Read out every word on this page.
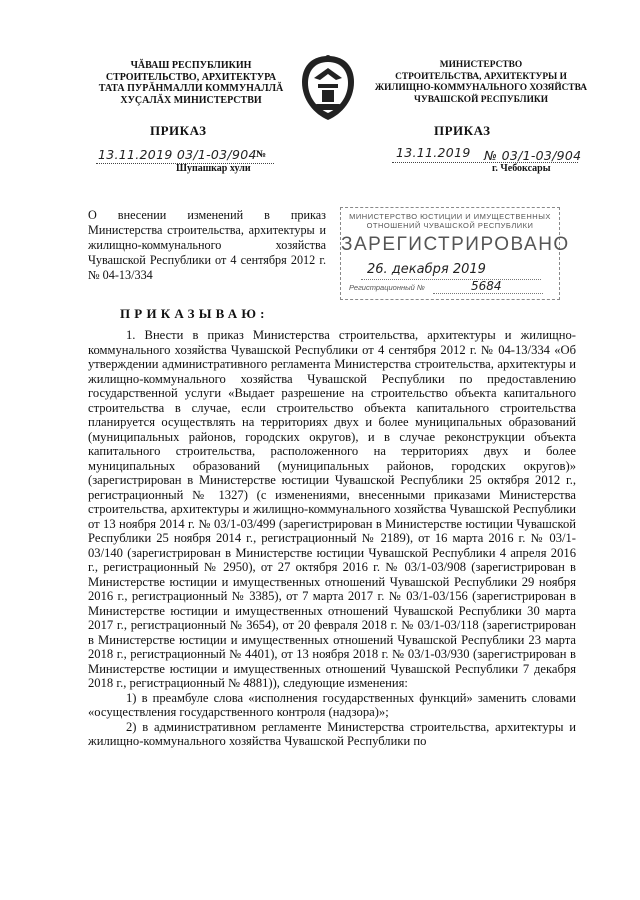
ЧĂВАШ РЕСПУБЛИКИН
СТРОИТЕЛЬСТВО, АРХИТЕКТУРА
ТАТА ПУРĂНМАЛЛИ КОММУНАЛЛĂ
ХУÇАЛĂХ МИНИСТЕРСТВИ
МИНИСТЕРСТВО
СТРОИТЕЛЬСТВА, АРХИТЕКТУРЫ И
ЖИЛИЩНО-КОММУНАЛЬНОГО ХОЗЯЙСТВА
ЧУВАШСКОЙ РЕСПУБЛИКИ
ПРИКАЗ	ПРИКАЗ
13.11.2019 03/1-03/904 №
Шупашкар хули
13.11.2019 № 03/1-03/904
г. Чебоксары
О внесении изменений в приказ Министерства строительства, архитектуры и жилищно-коммунального хозяйства Чувашской Республики от 4 сентября 2012 г. № 04-13/334
МИНИСТЕРСТВО ЮСТИЦИИ И ИМУЩЕСТВЕННЫХ ОТНОШЕНИЙ ЧУВАШСКОЙ РЕСПУБЛИКИ
ЗАРЕГИСТРИРОВАНО
26. декабря 2019
Регистрационный №	5684
ПРИКАЗЫВАЮ:

1. Внести в приказ Министерства строительства, архитектуры и жилищно-коммунального хозяйства Чувашской Республики от 4 сентября 2012 г. № 04-13/334 «Об утверждении административного регламента Министерства строительства, архитектуры и жилищно-коммунального хозяйства Чувашской Республики по предоставлению государственной услуги «Выдает разрешение на строительство объекта капитального строительства в случае, если строительство объекта капитального строительства планируется осуществлять на территориях двух и более муниципальных образований (муниципальных районов, городских округов), и в случае реконструкции объекта капитального строительства, расположенного на территориях двух и более муниципальных образований (муниципальных районов, городских округов)» (зарегистрирован в Министерстве юстиции Чувашской Республики 25 октября 2012 г., регистрационный № 1327) (с изменениями, внесенными приказами Министерства строительства, архитектуры и жилищно-коммунального хозяйства Чувашской Республики от 13 ноября 2014 г. № 03/1-03/499 (зарегистрирован в Министерстве юстиции Чувашской Республики 25 ноября 2014 г., регистрационный № 2189), от 16 марта 2016 г. № 03/1-03/140 (зарегистрирован в Министерстве юстиции Чувашской Республики 4 апреля 2016 г., регистрационный № 2950), от 27 октября 2016 г. № 03/1-03/908 (зарегистрирован в Министерстве юстиции и имущественных отношений Чувашской Республики 29 ноября 2016 г., регистрационный № 3385), от 7 марта 2017 г. № 03/1-03/156 (зарегистрирован в Министерстве юстиции и имущественных отношений Чувашской Республики 30 марта 2017 г., регистрационный № 3654), от 20 февраля 2018 г. № 03/1-03/118 (зарегистрирован в Министерстве юстиции и имущественных отношений Чувашской Республики 23 марта 2018 г., регистрационный № 4401), от 13 ноября 2018 г. № 03/1-03/930 (зарегистрирован в Министерстве юстиции и имущественных отношений Чувашской Республики 7 декабря 2018 г., регистрационный № 4881)), следующие изменения:

1) в преамбуле слова «исполнения государственных функций» заменить словами «осуществления государственного контроля (надзора)»;

2) в административном регламенте Министерства строительства, архитектуры и жилищно-коммунального хозяйства Чувашской Республики по
